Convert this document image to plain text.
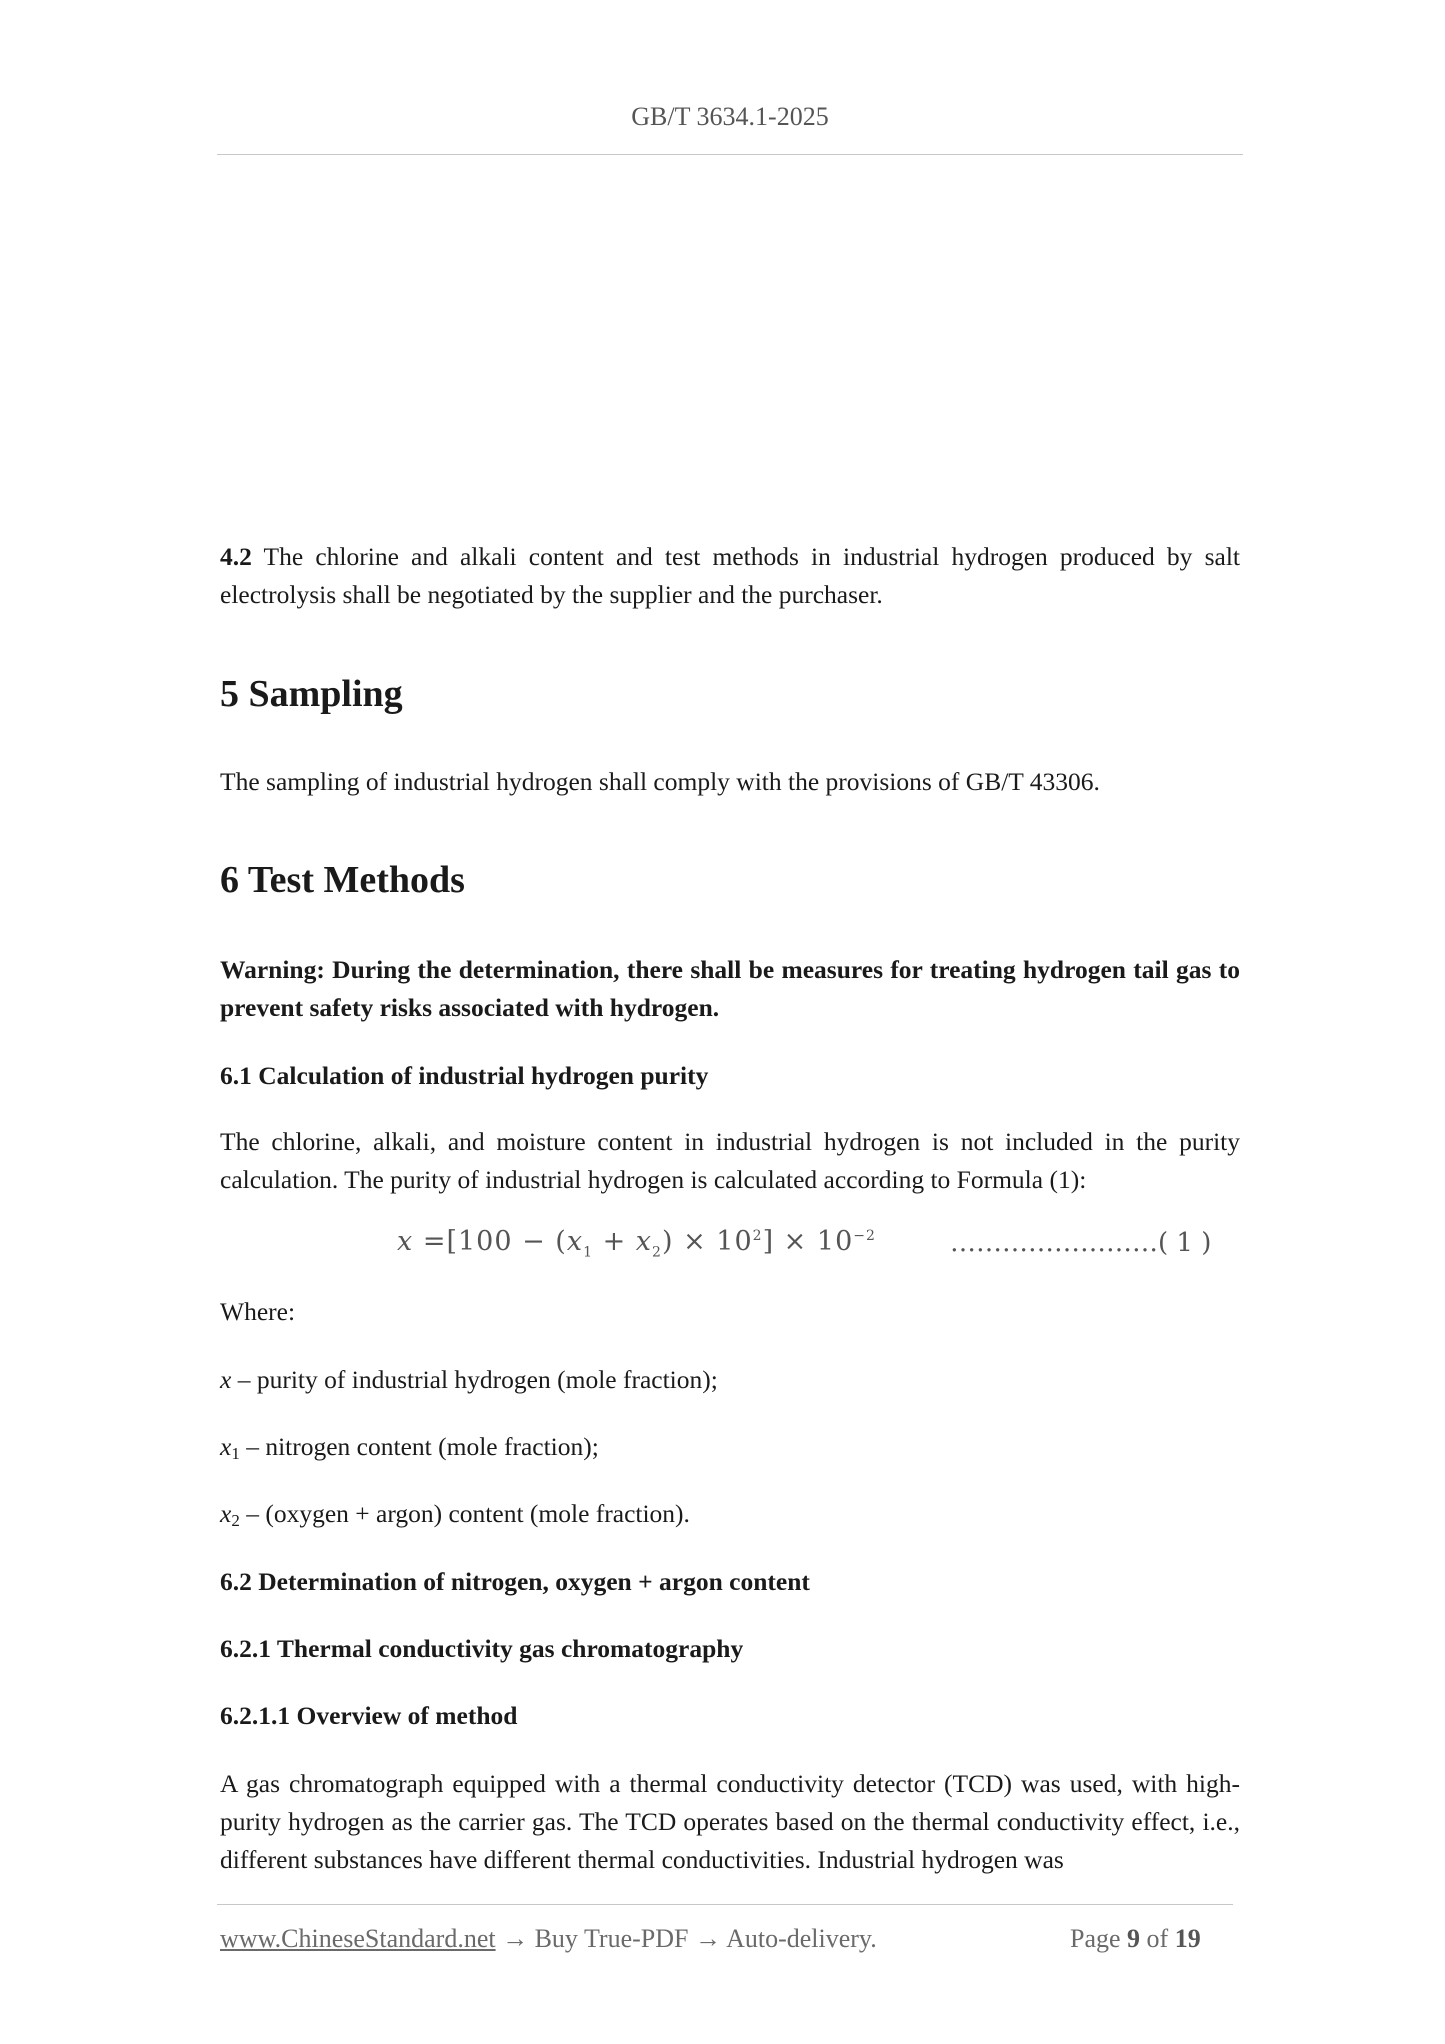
GB/T 3634.1-2025
4.2 The chlorine and alkali content and test methods in industrial hydrogen produced by salt electrolysis shall be negotiated by the supplier and the purchaser.
5 Sampling
The sampling of industrial hydrogen shall comply with the provisions of GB/T 43306.
6 Test Methods
Warning: During the determination, there shall be measures for treating hydrogen tail gas to prevent safety risks associated with hydrogen.
6.1 Calculation of industrial hydrogen purity
The chlorine, alkali, and moisture content in industrial hydrogen is not included in the purity calculation. The purity of industrial hydrogen is calculated according to Formula (1):
$x =[100 - (x_1 + x_2) \times 10^2] \times 10^{-2}$	……………………( 1 )
Where:
x – purity of industrial hydrogen (mole fraction);
$x_1$ – nitrogen content (mole fraction);
$x_2$ – (oxygen + argon) content (mole fraction).
6.2 Determination of nitrogen, oxygen + argon content
6.2.1 Thermal conductivity gas chromatography
6.2.1.1 Overview of method
A gas chromatograph equipped with a thermal conductivity detector (TCD) was used, with high-purity hydrogen as the carrier gas. The TCD operates based on the thermal conductivity effect, i.e., different substances have different thermal conductivities. Industrial hydrogen was
www.ChineseStandard.net → Buy True-PDF → Auto-delivery.	Page 9 of 19
